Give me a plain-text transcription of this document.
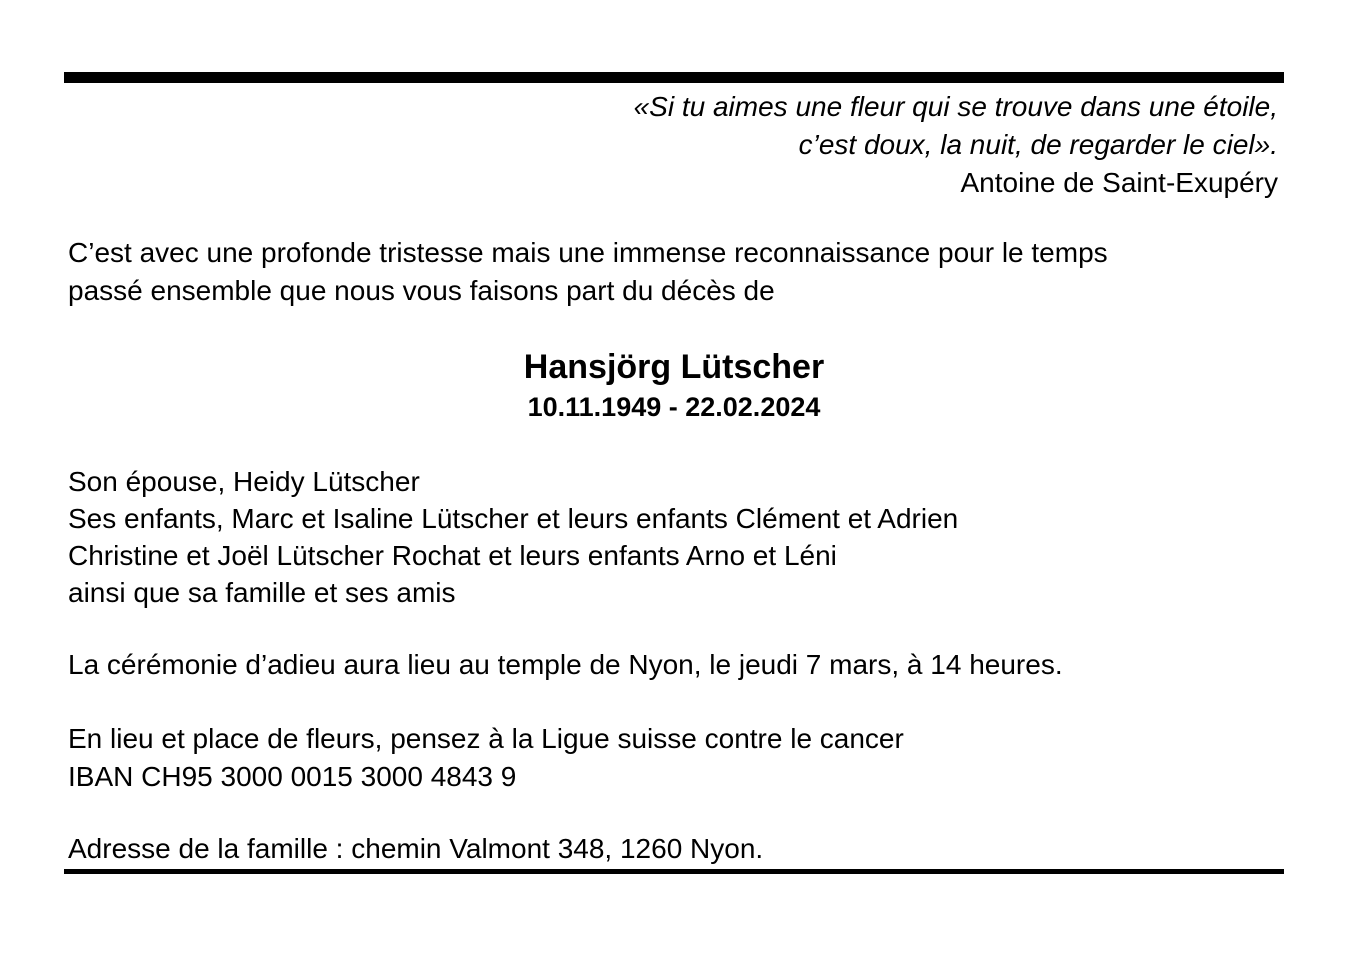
«Si tu aimes une fleur qui se trouve dans une étoile,
c’est doux, la nuit, de regarder le ciel».
Antoine de Saint-Exupéry
C’est avec une profonde tristesse mais une immense reconnaissance pour le temps
passé ensemble que nous vous faisons part du décès de
Hansjörg Lütscher
10.11.1949 - 22.02.2024
Son épouse, Heidy Lütscher
Ses enfants, Marc et Isaline Lütscher et leurs enfants Clément et Adrien
Christine et Joël Lütscher Rochat et leurs enfants Arno et Léni
ainsi que sa famille et ses amis
La cérémonie d’adieu aura lieu au temple de Nyon, le jeudi 7 mars, à 14 heures.
En lieu et place de fleurs, pensez à la Ligue suisse contre le cancer
IBAN CH95 3000 0015 3000 4843 9
Adresse de la famille : chemin Valmont 348, 1260 Nyon.
